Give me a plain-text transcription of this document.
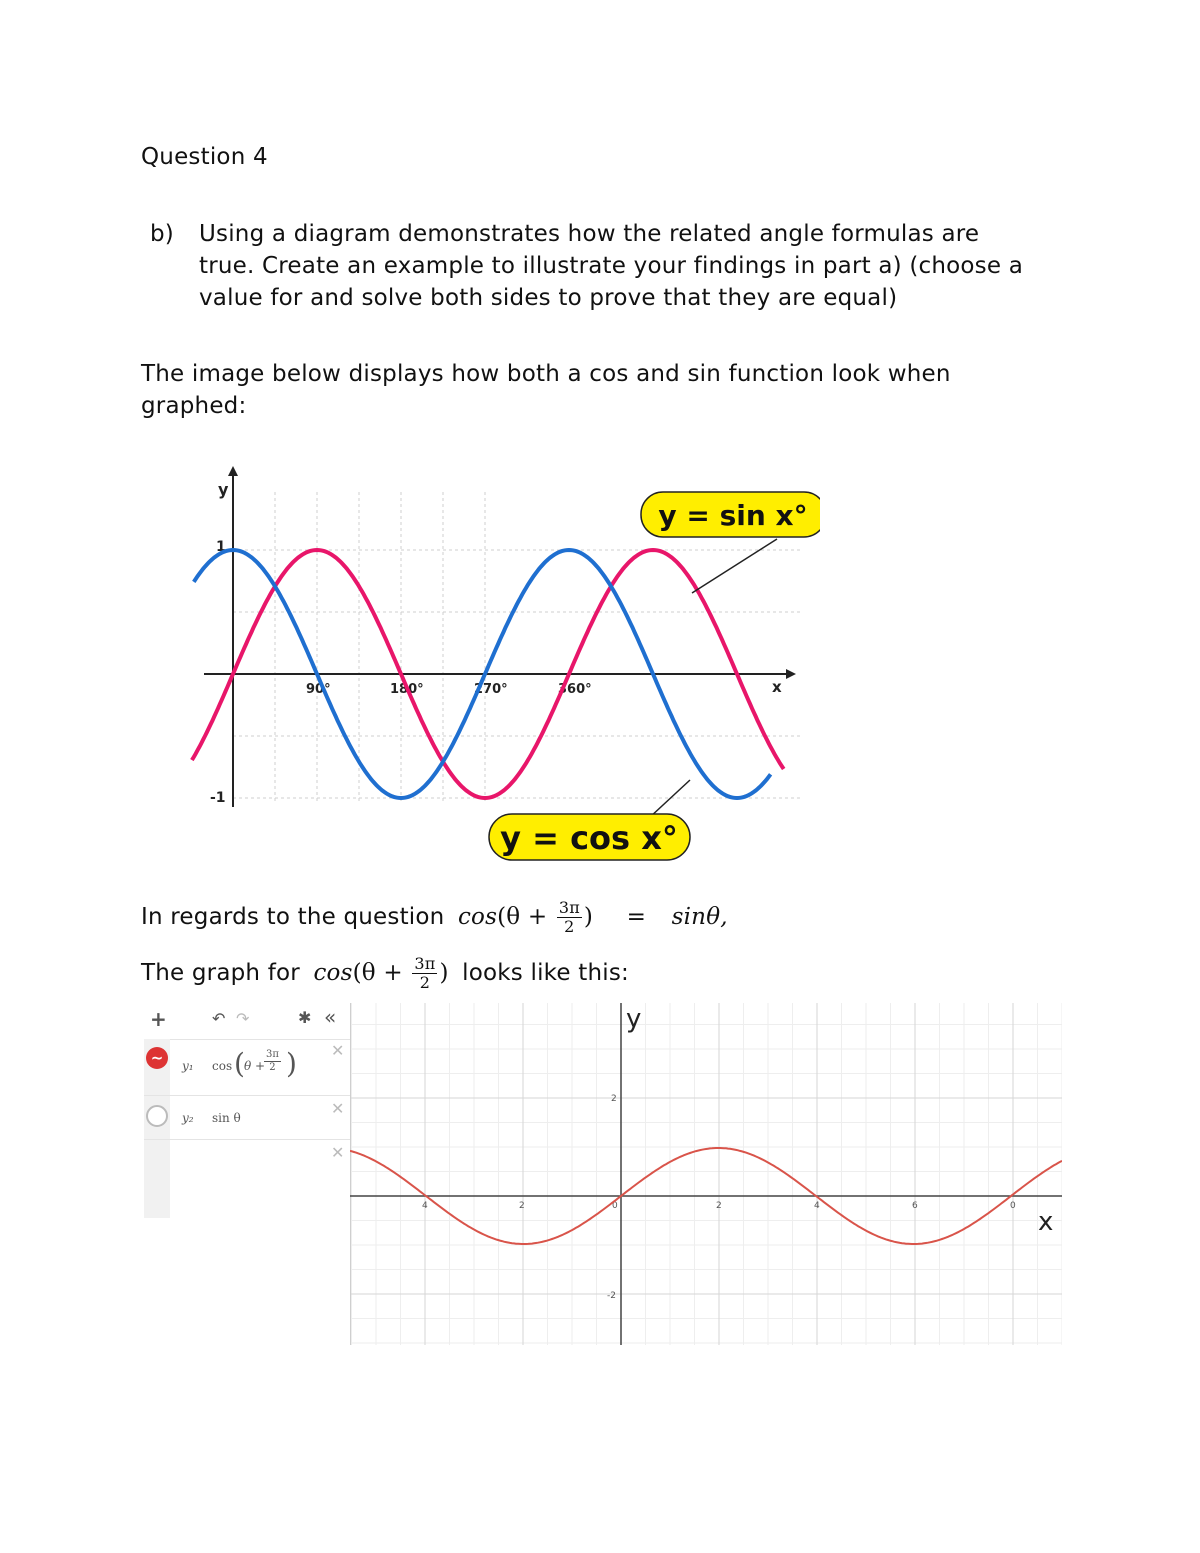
Question 4
b) Using a diagram demonstrates how the related angle formulas are
true. Create an example to illustrate your findings in part a) (choose a
value for and solve both sides to prove that they are equal)
The image below displays how both a cos and sin function look when
graphed:
y
x
1
-1
90°	180°	270°	360°
y = sin x°
y = cos x°
In regards to the question $\cos(\theta + \frac{3\pi}{2}$ ) = sinθ,
The graph for $\cos(\theta + \frac{3\pi}{2}$ ) looks like this:
+	↶ ↷	✱ «
~	y₁ cos ( θ +
$\frac{3\pi}{2}$ ) ✕
y₂ sin θ	✕
✕
2
-2
4	2	0	2	4	6	0
y
x
